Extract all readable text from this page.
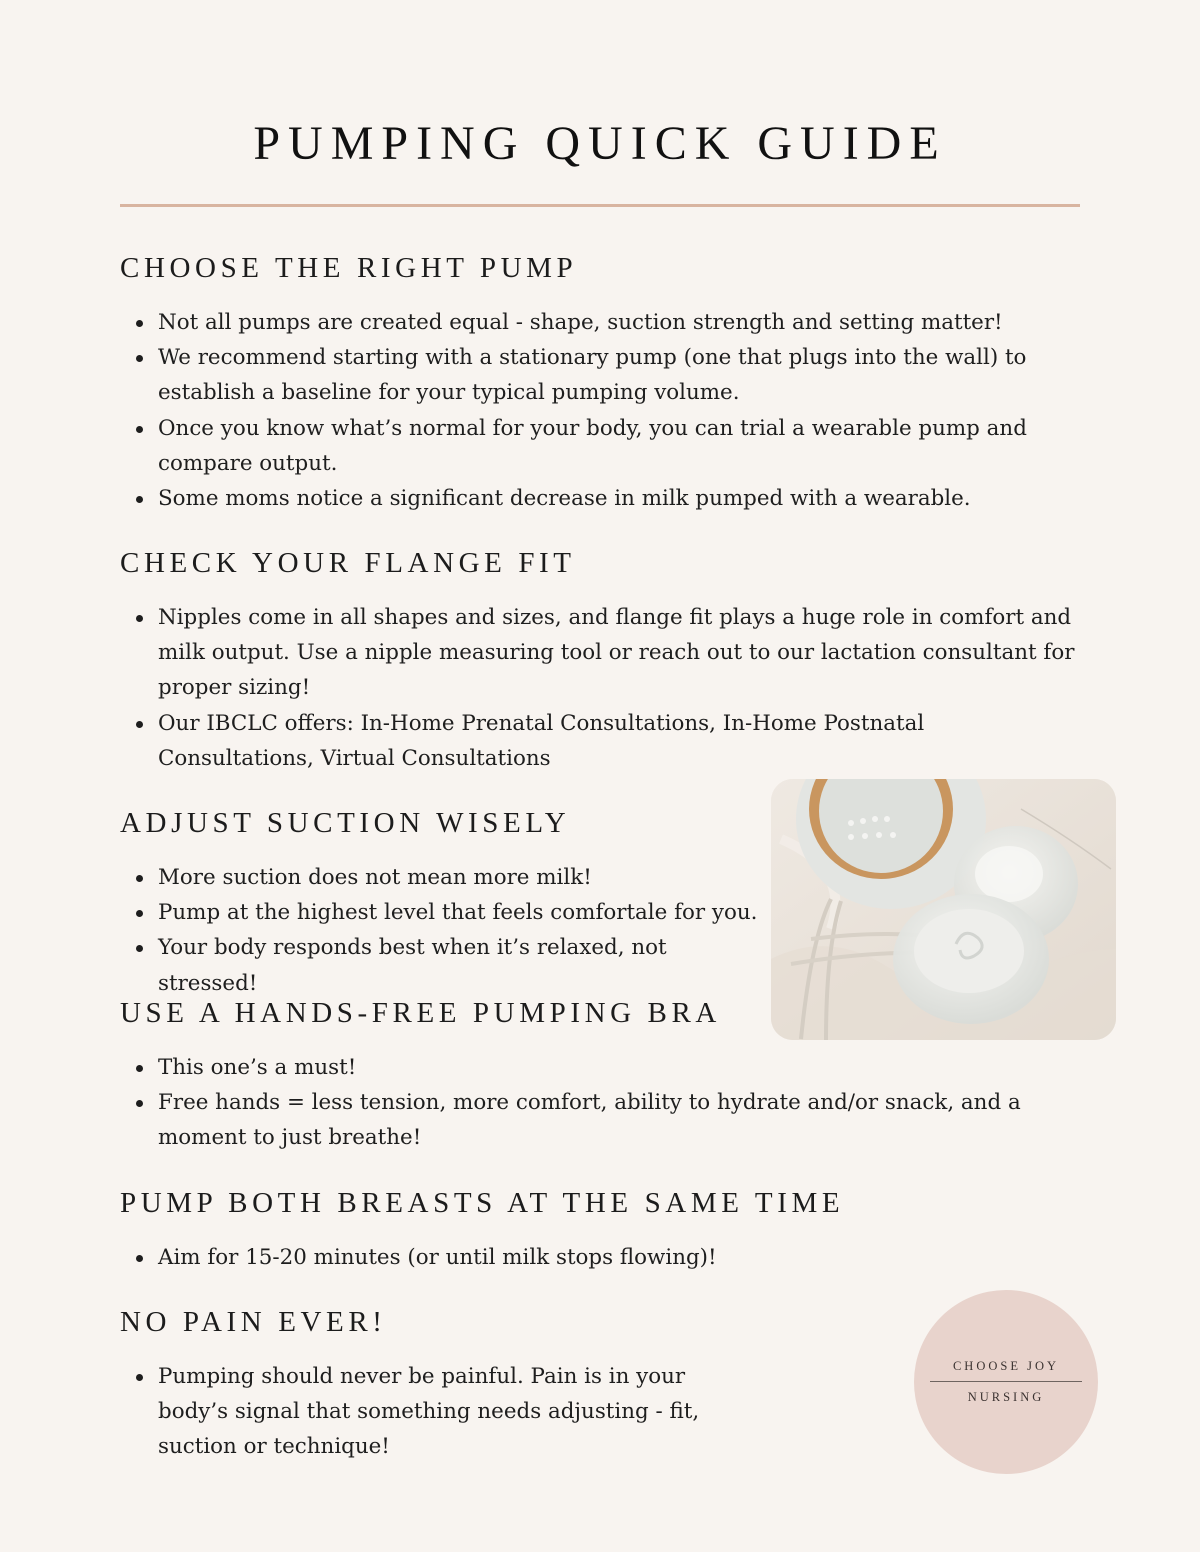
PUMPING QUICK GUIDE
CHOOSE THE RIGHT PUMP
Not all pumps are created equal - shape, suction strength and setting matter!
We recommend starting with a stationary pump (one that plugs into the wall) to establish a baseline for your typical pumping volume.
Once you know what’s normal for your body, you can trial a wearable pump and compare output.
Some moms notice a significant decrease in milk pumped with a wearable.
CHECK YOUR FLANGE FIT
Nipples come in all shapes and sizes, and flange fit plays a huge role in comfort and milk output. Use a nipple measuring tool or reach out to our lactation consultant for proper sizing!
Our IBCLC offers: In-Home Prenatal Consultations, In-Home Postnatal Consultations, Virtual Consultations
ADJUST SUCTION WISELY
More suction does not mean more milk!
Pump at the highest level that feels comfortale for you.
Your body responds best when it’s relaxed, not stressed!
USE A HANDS-FREE PUMPING BRA
This one’s a must!
Free hands = less tension, more comfort, ability to hydrate and/or snack, and a moment to just breathe!
PUMP BOTH BREASTS AT THE SAME TIME
Aim for 15-20 minutes (or until milk stops flowing)!
NO PAIN EVER!
Pumping should never be painful. Pain is in your body’s signal that something needs adjusting - fit, suction or technique!
CHOOSE JOY
NURSING
